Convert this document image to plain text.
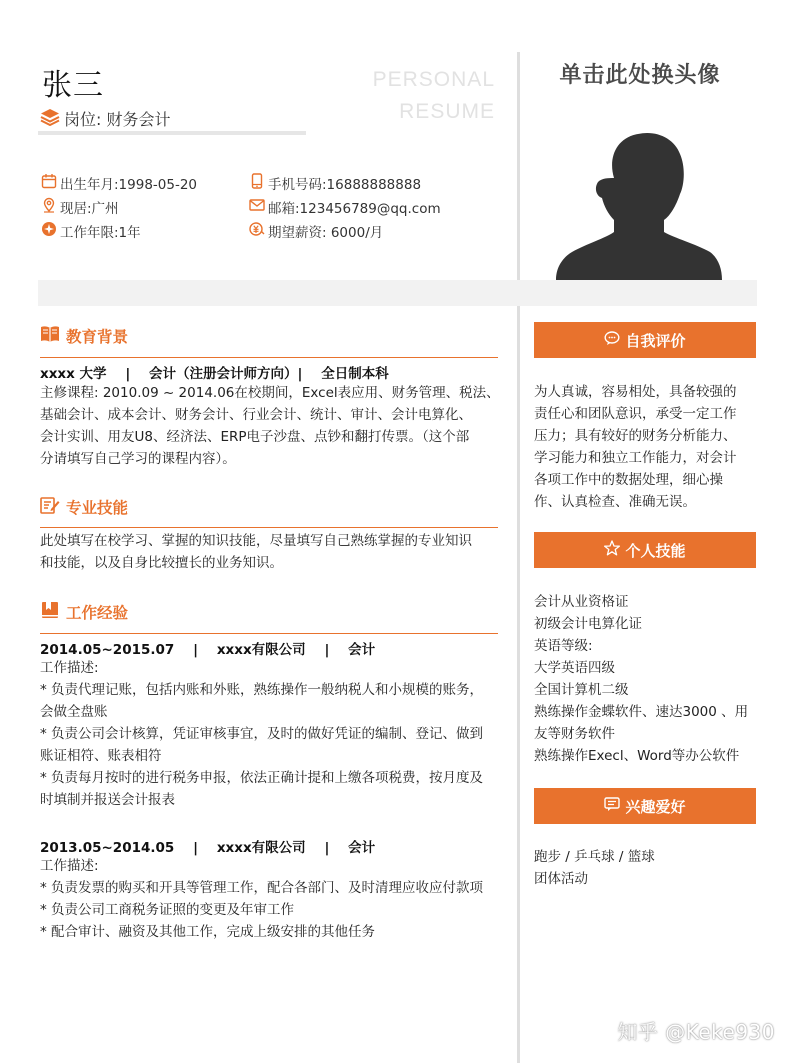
张三	PERSONAL
RESUME
岗位: 财务会计
出生年月:1998-05-20
现居:广州
工作年限:1年
手机号码:16888888888
邮箱:123456789@qq.com
期望薪资: 6000/月
单击此处换头像
教育背景
xxxx 大学    |    会计（注册会计师方向）|    全日制本科
主修课程: 2010.09 ~ 2014.06在校期间，Excel表应用、财务管理、税法、
基础会计、成本会计、财务会计、行业会计、统计、审计、会计电算化、
会计实训、用友U8、经济法、ERP电子沙盘、点钞和翻打传票。（这个部
分请填写自己学习的课程内容）。
专业技能
此处填写在校学习、掌握的知识技能，尽量填写自己熟练掌握的专业知识
和技能，以及自身比较擅长的业务知识。
工作经验
2014.05~2015.07    |    xxxx有限公司    |    会计
工作描述:
* 负责代理记账，包括内账和外账，熟练操作一般纳税人和小规模的账务，
会做全盘账
* 负责公司会计核算，凭证审核事宜，及时的做好凭证的编制、登记、做到
账证相符、账表相符
* 负责每月按时的进行税务申报，依法正确计提和上缴各项税费，按月度及
时填制并报送会计报表
2013.05~2014.05    |    xxxx有限公司    |    会计
工作描述:
* 负责发票的购买和开具等管理工作，配合各部门、及时清理应收应付款项
* 负责公司工商税务证照的变更及年审工作
* 配合审计、融资及其他工作，完成上级安排的其他任务
自我评价
为人真诚，容易相处，具备较强的
责任心和团队意识，承受一定工作
压力；具有较好的财务分析能力、
学习能力和独立工作能力，对会计
各项工作中的数据处理，细心操
作、认真检查、准确无误。
个人技能
会计从业资格证
初级会计电算化证
英语等级:
大学英语四级
全国计算机二级
熟练操作金蝶软件、速达3000 、用
友等财务软件
熟练操作Execl、Word等办公软件
兴趣爱好
跑步 / 乒乓球 / 篮球
团体活动
知乎 @Keke930
